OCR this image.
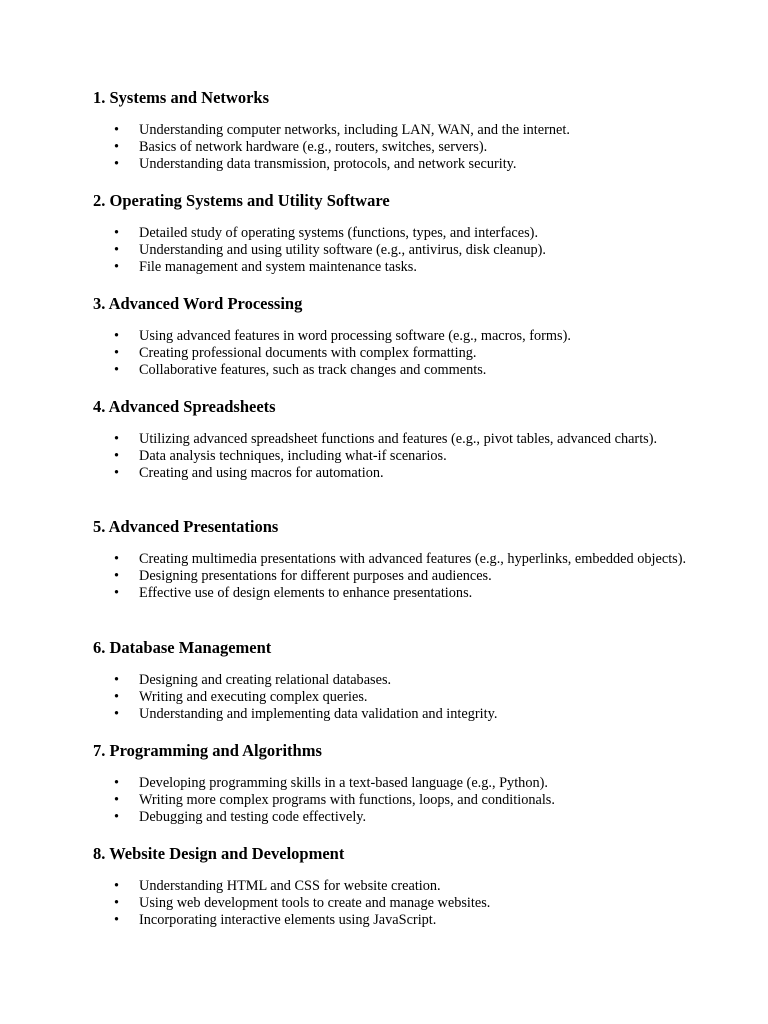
1. Systems and Networks
•	Understanding computer networks, including LAN, WAN, and the internet.
•	Basics of network hardware (e.g., routers, switches, servers).
•	Understanding data transmission, protocols, and network security.
2. Operating Systems and Utility Software
•	Detailed study of operating systems (functions, types, and interfaces).
•	Understanding and using utility software (e.g., antivirus, disk cleanup).
•	File management and system maintenance tasks.
3. Advanced Word Processing
•	Using advanced features in word processing software (e.g., macros, forms).
•	Creating professional documents with complex formatting.
•	Collaborative features, such as track changes and comments.
4. Advanced Spreadsheets
•	Utilizing advanced spreadsheet functions and features (e.g., pivot tables, advanced charts).
•	Data analysis techniques, including what-if scenarios.
•	Creating and using macros for automation.
5. Advanced Presentations
•	Creating multimedia presentations with advanced features (e.g., hyperlinks, embedded objects).
•	Designing presentations for different purposes and audiences.
•	Effective use of design elements to enhance presentations.
6. Database Management
•	Designing and creating relational databases.
•	Writing and executing complex queries.
•	Understanding and implementing data validation and integrity.
7. Programming and Algorithms
•	Developing programming skills in a text-based language (e.g., Python).
•	Writing more complex programs with functions, loops, and conditionals.
•	Debugging and testing code effectively.
8. Website Design and Development
•	Understanding HTML and CSS for website creation.
•	Using web development tools to create and manage websites.
•	Incorporating interactive elements using JavaScript.
